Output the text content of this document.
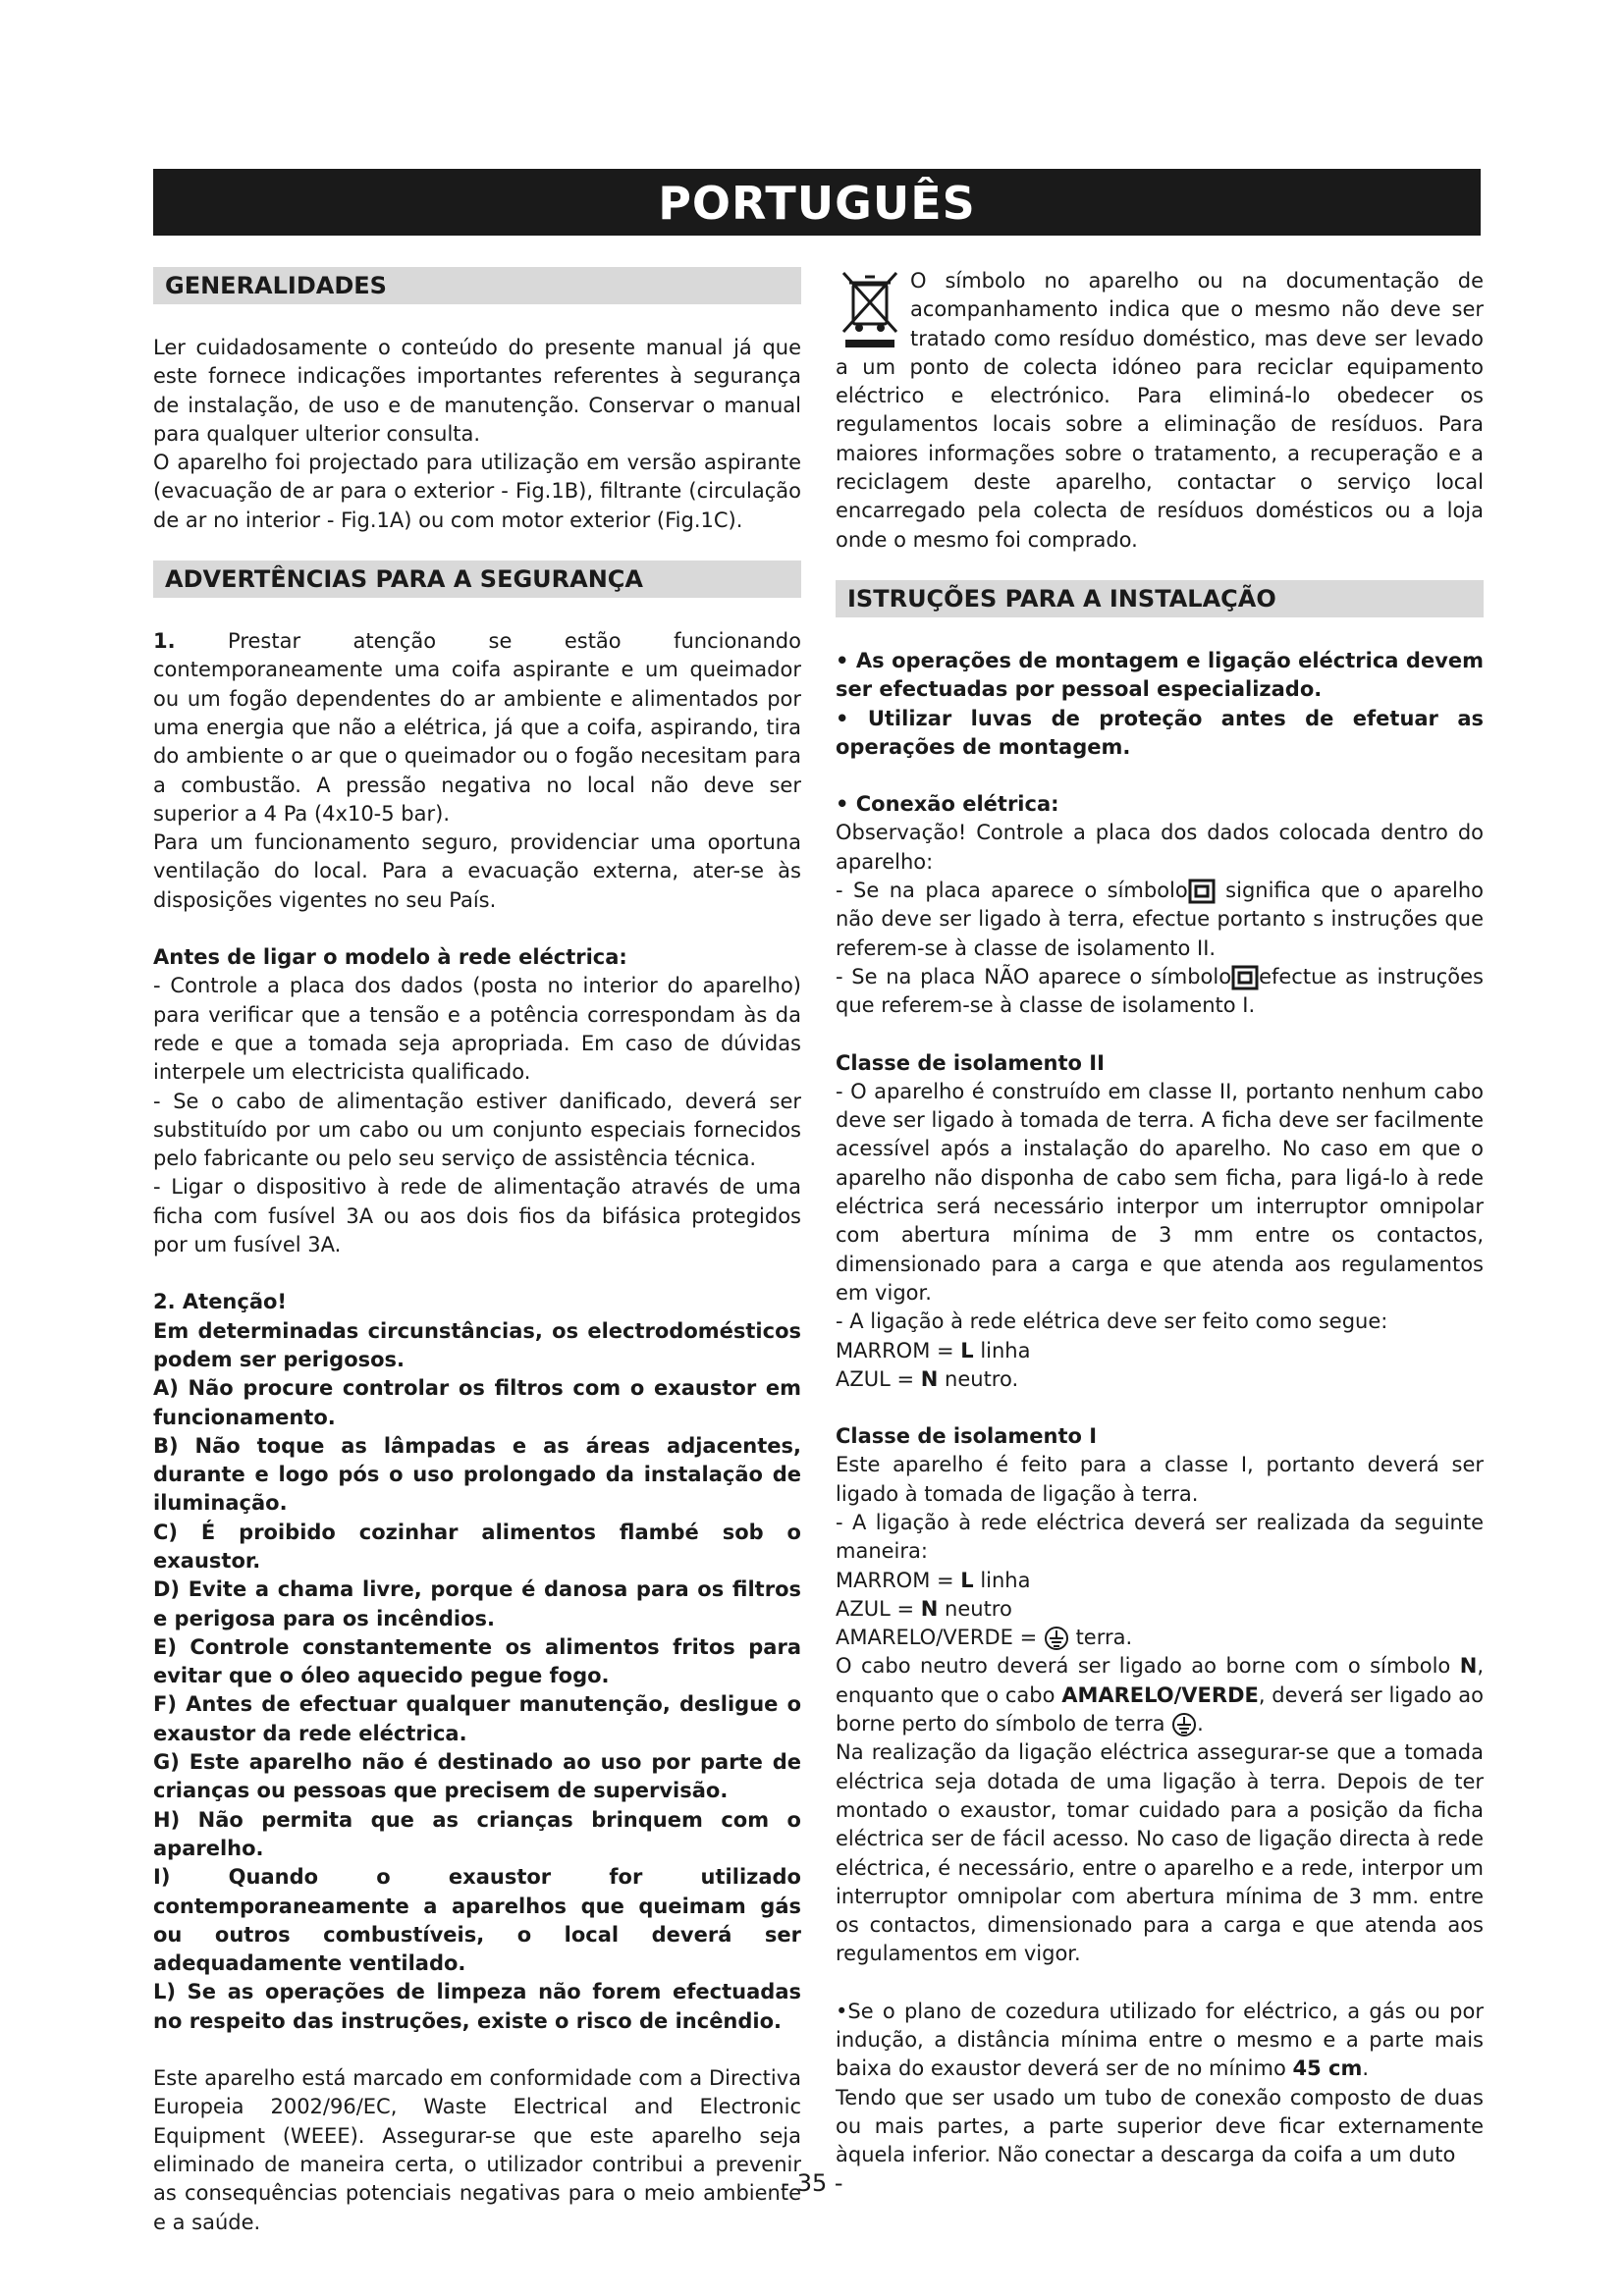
PORTUGUÊS	P
GENERALIDADES

Ler cuidadosamente o conteúdo do presente manual já que este fornece indicações importantes referentes à segurança de instalação, de uso e de manutenção. Conservar o manual para qualquer ulterior consulta.

O aparelho foi projectado para utilização em versão aspirante (evacuação de ar para o exterior - Fig.1B), filtrante (circulação de ar no interior - Fig.1A) ou com motor exterior (Fig.1C).

ADVERTÊNCIAS PARA A SEGURANÇA

1.	Prestar atenção se estão funcionando contemporaneamente uma coifa aspirante e um queimador ou um fogão dependentes do ar ambiente e alimentados por uma energia que não a elétrica, já que a coifa, aspirando, tira do ambiente o ar que o queimador ou o fogão necesitam para a combustão. A pressão negativa no local não deve ser superior a 4 Pa (4x10-5 bar).

Para um funcionamento seguro, providenciar uma oportuna ventilação do local. Para a evacuação externa, ater-se às disposições vigentes no seu País.

Antes de ligar o modelo à rede eléctrica:

- Controle a placa dos dados (posta no interior do aparelho) para verificar que a tensão e a potência correspondam às da rede e que a tomada seja apropriada. Em caso de dúvidas interpele um electricista qualificado.

- Se o cabo de alimentação estiver danificado, deverá ser substituído por um cabo ou um conjunto especiais fornecidos pelo fabricante ou pelo seu serviço de assistência técnica.

- Ligar o dispositivo à rede de alimentação através de uma ficha com fusível 3A ou aos dois fios da bifásica protegidos por um fusível 3A.

2. Atenção!

Em determinadas circunstâncias, os electrodomésticos podem ser perigosos.

A) Não procure controlar os filtros com o exaustor em funcionamento.

B) Não toque as lâmpadas e as áreas adjacentes, durante e logo pós o uso prolongado da instalação de iluminação.

C) É proibido cozinhar alimentos flambé sob o exaustor.

D) Evite a chama livre, porque é danosa para os filtros e perigosa para os incêndios.

E) Controle constantemente os alimentos fritos para evitar que o óleo aquecido pegue fogo.

F) Antes de efectuar qualquer manutenção, desligue o exaustor da rede eléctrica.

G) Este aparelho não é destinado ao uso por parte de crianças ou pessoas que precisem de supervisão.

H) Não permita que as crianças brinquem com o aparelho.

I) Quando o exaustor for utilizado contemporaneamente a aparelhos que queimam gás ou outros combustíveis, o local deverá ser adequadamente ventilado.

L) Se as operações de limpeza não forem efectuadas no respeito das instruções, existe o risco de incêndio.

Este aparelho está marcado em conformidade com a Directiva Europeia 2002/96/EC, Waste Electrical and Electronic Equipment (WEEE). Assegurar-se que este aparelho seja eliminado de maneira certa, o utilizador contribui a prevenir as consequências potenciais negativas para o meio ambiente e a saúde.

O símbolo no aparelho ou na documentação de acompanhamento indica que o mesmo não deve ser tratado como resíduo doméstico, mas deve ser levado a um ponto de colecta idóneo para reciclar equipamento eléctrico e electrónico. Para eliminá-lo obedecer os regulamentos locais sobre a eliminação de resíduos. Para maiores informações sobre o tratamento, a recuperação e a reciclagem deste aparelho, contactar o serviço local encarregado pela colecta de resíduos domésticos ou a loja onde o mesmo foi comprado.

ISTRUÇÕES PARA A INSTALAÇÃO

• As operações de montagem e ligação eléctrica devem ser efectuadas por pessoal especializado.

• Utilizar luvas de proteção antes de efetuar as operações de montagem.

• Conexão elétrica:

Observação! Controle a placa dos dados colocada dentro do aparelho:

- Se na placa aparece o símbolo significa que o aparelho não deve ser ligado à terra, efectue portanto s instruções que referem-se à classe de isolamento II.

- Se na placa NÃO aparece o símbolo efectue as instruções que referem-se à classe de isolamento I.

Classe de isolamento II

- O aparelho é construído em classe II, portanto nenhum cabo deve ser ligado à tomada de terra. A ficha deve ser facilmente acessível após a instalação do aparelho. No caso em que o aparelho não disponha de cabo sem ficha, para ligá-lo à rede eléctrica será necessário interpor um interruptor omnipolar com abertura mínima de 3 mm entre os contactos, dimensionado para a carga e que atenda aos regulamentos em vigor.

- A ligação à rede elétrica deve ser feito como segue:

MARROM = L linha

AZUL = N neutro.

Classe de isolamento I

Este aparelho é feito para a classe I, portanto deverá ser ligado à tomada de ligação à terra.

- A ligação à rede eléctrica deverá ser realizada da seguinte maneira:

MARROM = L linha

AZUL = N neutro

AMARELO/VERDE =  terra.

O cabo neutro deverá ser ligado ao borne com o símbolo N, enquanto que o cabo AMARELO/VERDE, deverá ser ligado ao borne perto do símbolo de terra .

Na realização da ligação eléctrica assegurar-se que a tomada eléctrica seja dotada de uma ligação à terra. Depois de ter montado o exaustor, tomar cuidado para a posição da ficha eléctrica ser de fácil acesso. No caso de ligação directa à rede eléctrica, é necessário, entre o aparelho e a rede, interpor um interruptor omnipolar com abertura mínima de 3 mm. entre os contactos, dimensionado para a carga e que atenda aos regulamentos em vigor.

•Se o plano de cozedura utilizado for eléctrico, a gás ou por indução, a distância mínima entre o mesmo e a parte mais baixa do exaustor deverá ser de no mínimo 45 cm.

Tendo que ser usado um tubo de conexão composto de duas ou mais partes, a parte superior deve ficar externamente àquela inferior. Não conectar a descarga da coifa a um duto

- 35 -
